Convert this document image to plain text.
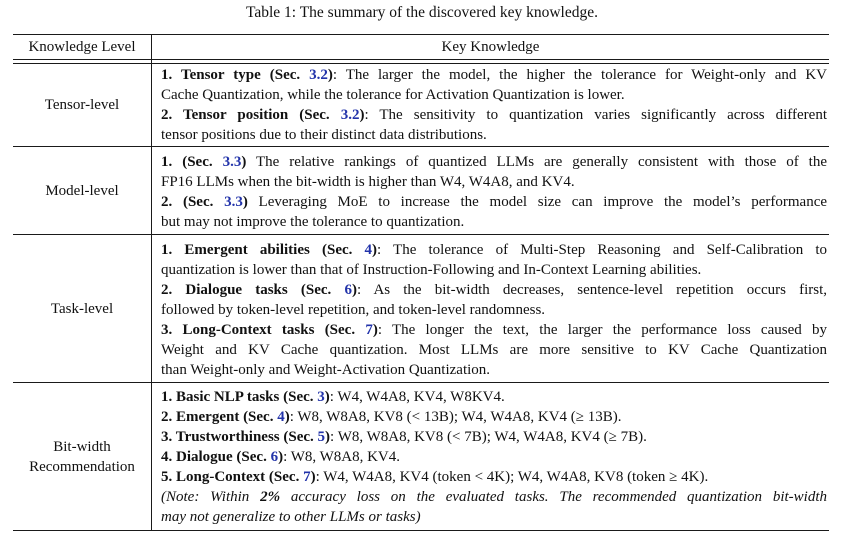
Table 1: The summary of the discovered key knowledge.
Knowledge Level	Key Knowledge
Tensor-level
1. Tensor type (Sec. 3.2): The larger the model, the higher the tolerance for Weight-only and KV
Cache Quantization, while the tolerance for Activation Quantization is lower.
2. Tensor position (Sec. 3.2): The sensitivity to quantization varies significantly across different
tensor positions due to their distinct data distributions.
Model-level
1. (Sec. 3.3) The relative rankings of quantized LLMs are generally consistent with those of the
FP16 LLMs when the bit-width is higher than W4, W4A8, and KV4.
2. (Sec. 3.3) Leveraging MoE to increase the model size can improve the model’s performance
but may not improve the tolerance to quantization.
Task-level
1. Emergent abilities (Sec. 4): The tolerance of Multi-Step Reasoning and Self-Calibration to
quantization is lower than that of Instruction-Following and In-Context Learning abilities.
2. Dialogue tasks (Sec. 6): As the bit-width decreases, sentence-level repetition occurs first,
followed by token-level repetition, and token-level randomness.
3. Long-Context tasks (Sec. 7): The longer the text, the larger the performance loss caused by
Weight and KV Cache quantization. Most LLMs are more sensitive to KV Cache Quantization
than Weight-only and Weight-Activation Quantization.
Bit-width
Recommendation
1. Basic NLP tasks (Sec. 3): W4, W4A8, KV4, W8KV4.
2. Emergent (Sec. 4): W8, W8A8, KV8 (< 13B); W4, W4A8, KV4 (≥ 13B).
3. Trustworthiness (Sec. 5): W8, W8A8, KV8 (< 7B); W4, W4A8, KV4 (≥ 7B).
4. Dialogue (Sec. 6): W8, W8A8, KV4.
5. Long-Context (Sec. 7): W4, W4A8, KV4 (token < 4K); W4, W4A8, KV8 (token ≥ 4K).
(Note: Within 2% accuracy loss on the evaluated tasks. The recommended quantization bit-width
may not generalize to other LLMs or tasks)
